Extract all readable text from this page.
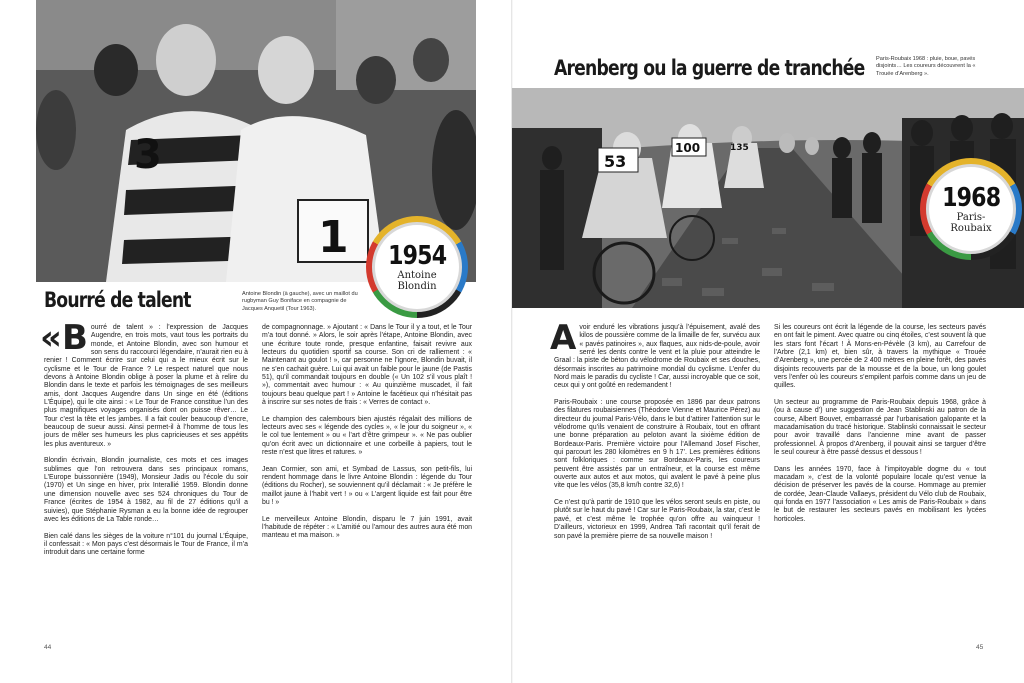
3
1
Antoine Blondin (à gauche), avec un maillot du rugbyman Guy Boniface en compagnie de Jacques Anquetil (Tour 1963).
1954
Antoine
Blondin
Bourré de talent
«B ourré de talent » : l’expression de Jacques Augendre, en trois mots, vaut tous les portraits du monde, et Antoine Blondin, avec son humour et son sens du raccourci légendaire, n’aurait rien eu à renier ! Comment écrire sur celui qui a le mieux écrit sur le cyclisme et le Tour de France ? Le respect naturel que nous devons à Antoine Blondin oblige à poser la plume et à relire du Blondin dans le texte et parfois les témoignages de ses meilleurs amis, dont Jacques Augendre dans Un singe en été (éditions L’Équipe), qui le cite ainsi : « Le Tour de France constitue l’un des plus magnifiques voyages organisés dont on puisse rêver… Le Tour c’est la tête et les jambes. Il a fait couler beaucoup d’encre, beaucoup de sueur aussi. Ainsi permet-il à l’homme de tous les jours de mêler ses humeurs les plus capricieuses et ses appétits les plus aventureux. »

Blondin écrivain, Blondin journaliste, ces mots et ces images sublimes que l’on retrouvera dans ses principaux romans, L’Europe buissonnière (1949), Monsieur Jadis ou l’école du soir (1970) et Un singe en hiver, prix Interallié 1959. Blondin donne une dimension nouvelle avec ses 524 chroniques du Tour de France (écrites de 1954 à 1982, au fil de 27 éditions qu’il a suivies), que Stéphanie Rysman a eu la bonne idée de regrouper avec les éditions de La Table ronde…

Bien calé dans les sièges de la voiture n°101 du journal L’Équipe, il confessait : « Mon pays c’est désormais le Tour de France, il m’a introduit dans une certaine forme

de compagnonnage. » Ajoutant : « Dans le Tour il y a tout, et le Tour m’a tout donné. » Alors, le soir après l’étape, Antoine Blondin, avec une écriture toute ronde, presque enfantine, faisait revivre aux lecteurs du quotidien sportif sa course. Son cri de ralliement : « Maintenant au goulot ! », car personne ne l’ignore, Blondin buvait, il ne s’en cachait guère. Lui qui avait un faible pour le jaune (de Pastis 51), qu’il commandait toujours en double (« Un 102 s’il vous plaît ! »), commentait avec humour : « Au quinzième muscadet, il fait toujours beau quelque part ! » Antoine le facétieux qui n’hésitait pas à inscrire sur ses notes de frais : « Verres de contact ».

Le champion des calembours bien ajustés régalait des millions de lecteurs avec ses « légende des cycles », « le jour du soigneur », « le col tue lentement » ou « l’art d’être grimpeur ». « Ne pas oublier qu’on écrit avec un dictionnaire et une corbeille à papiers, tout le reste n’est que litres et ratures. »

Jean Cormier, son ami, et Symbad de Lassus, son petit-fils, lui rendent hommage dans le livre Antoine Blondin : légende du Tour (éditions du Rocher), se souviennent qu’il déclamait : « Je préfère le maillot jaune à l’habit vert ! » ou « L’argent liquide est fait pour être bu ! »

Le merveilleux Antoine Blondin, disparu le 7 juin 1991, avait l’habitude de répéter : « L’amitié ou l’amour des autres aura été mon manteau et ma maison. »

44
Arenberg ou la guerre de tranchée Paris-Roubaix 1968 : pluie, boue, pavés disjoints… Les coureurs découvrent la « Trouée d’Arenberg ».
53
100	135
1968
Paris-
Roubaix
A voir enduré les vibrations jusqu’à l’épuisement, avalé des kilos de poussière comme de la limaille de fer, survécu aux « pavés patinoires », aux flaques, aux nids-de-poule, avoir serré les dents contre le vent et la pluie pour atteindre le Graal : la piste de béton du vélodrome de Roubaix et ses douches, désormais inscrites au patrimoine mondial du cyclisme. L’enfer du Nord mais le paradis du cycliste ! Car, aussi incroyable que ce soit, ceux qui y ont goûté en redemandent !

Paris-Roubaix : une course proposée en 1896 par deux patrons des filatures roubaisiennes (Théodore Vienne et Maurice Pérez) au directeur du journal Paris-Vélo, dans le but d’attirer l’attention sur le vélodrome qu’ils venaient de construire à Roubaix, tout en offrant une bonne préparation au peloton avant la sixième édition de Bordeaux-Paris. Première victoire pour l’Allemand Josef Fischer, qui parcourt les 280 kilomètres en 9 h 17’. Les premières éditions sont folkloriques : comme sur Bordeaux-Paris, les coureurs peuvent être assistés par un entraîneur, et la course est même ouverte aux autos et aux motos, qui avalent le pavé à peine plus vite que les vélos (35,8 km/h contre 32,6) !

Ce n’est qu’à partir de 1910 que les vélos seront seuls en piste, ou plutôt sur le haut du pavé ! Car sur le Paris-Roubaix, la star, c’est le pavé, et c’est même le trophée qu’on offre au vainqueur ! D’ailleurs, victorieux en 1999, Andrea Tafi racontait qu’il ferait de son pavé la première pierre de sa nouvelle maison !

Si les coureurs ont écrit la légende de la course, les secteurs pavés en ont fait le piment. Avec quatre ou cinq étoiles, c’est souvent là que les stars font l’écart ! À Mons-en-Pévèle (3 km), au Carrefour de l’Arbre (2,1 km) et, bien sûr, à travers la mythique « Trouée d’Arenberg », une percée de 2 400 mètres en pleine forêt, des pavés disjoints recouverts par de la mousse et de la boue, un long goulet vers l’enfer où les coureurs s’empilent parfois comme dans un jeu de quilles.

Un secteur au programme de Paris-Roubaix depuis 1968, grâce à (ou à cause d’) une suggestion de Jean Stablinski au patron de la course, Albert Bouvet, embarrassé par l’urbanisation galopante et la macadamisation du tracé historique. Stablinski connaissait le secteur pour avoir travaillé dans l’ancienne mine avant de passer professionnel. À propos d’Arenberg, il pouvait ainsi se targuer d’être le seul coureur à être passé dessus et dessous !

Dans les années 1970, face à l’impitoyable dogme du « tout macadam », c’est de la volonté populaire locale qu’est venue la décision de préserver les pavés de la course. Hommage au premier de cordée, Jean-Claude Vallaeys, président du Vélo club de Roubaix, qui fonda en 1977 l’association « Les amis de Paris-Roubaix » dans le but de restaurer les secteurs pavés en mobilisant les lycées horticoles.

45
